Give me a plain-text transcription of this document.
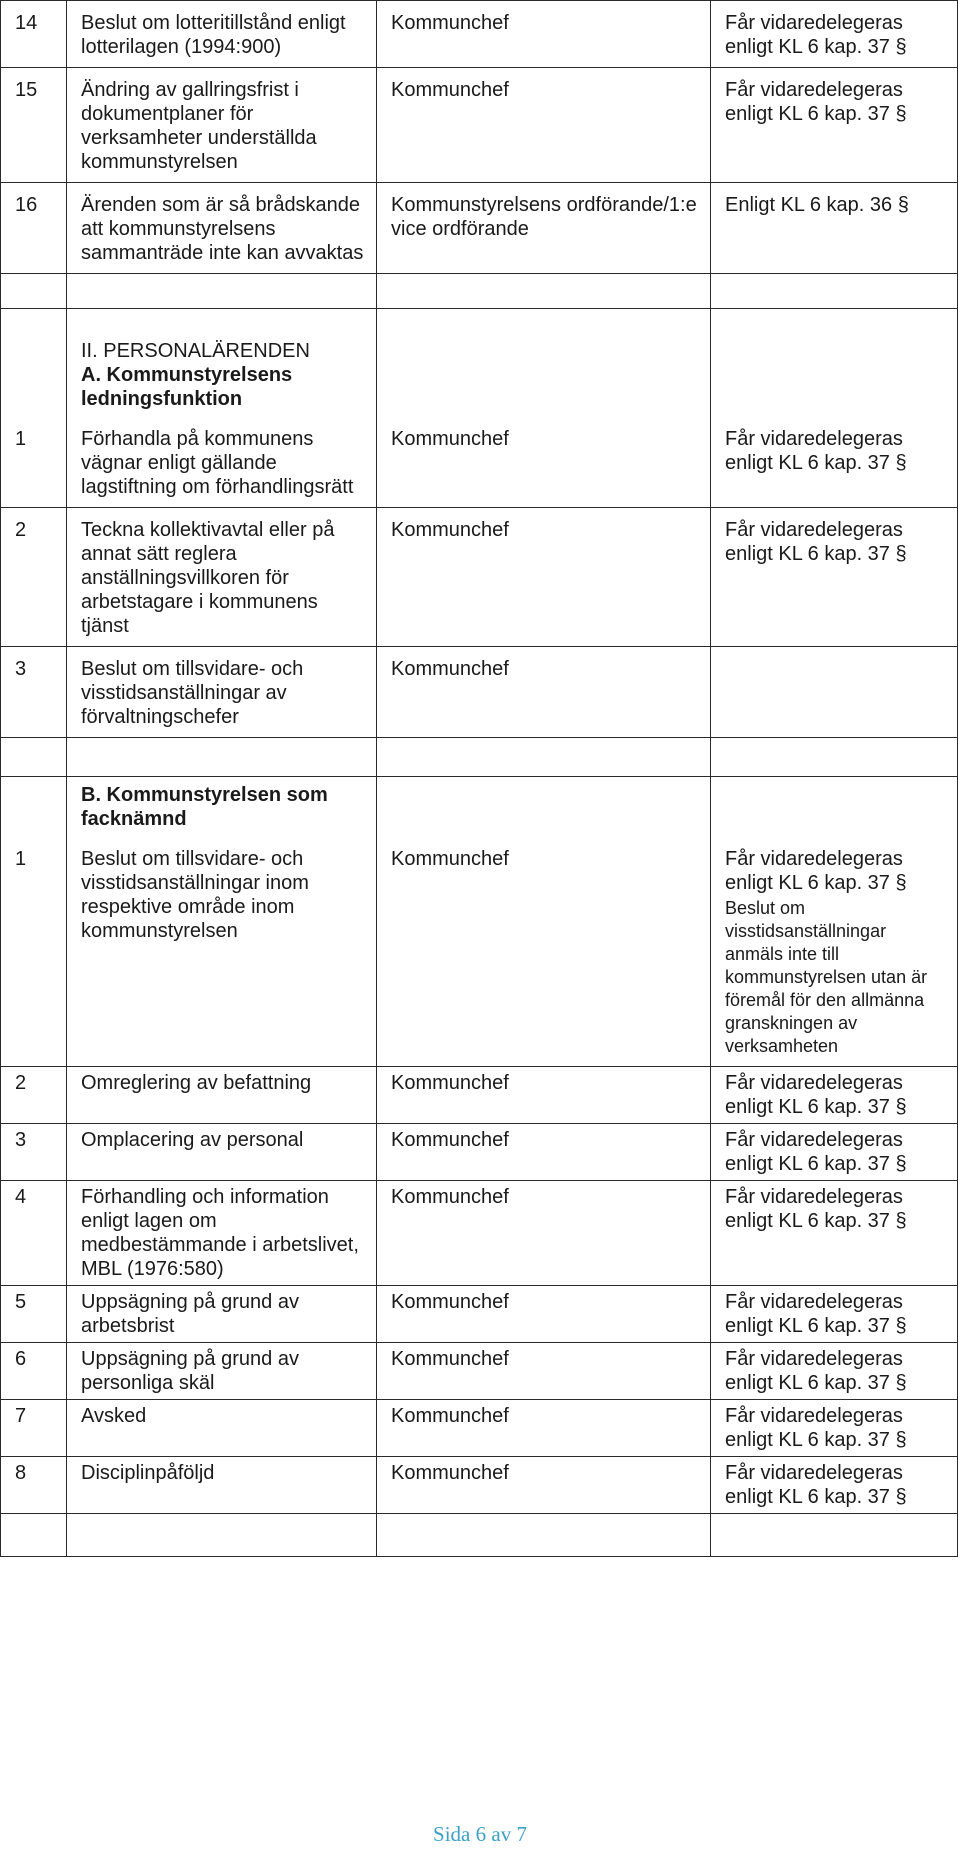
14	Beslut om lotteritillstånd enligt lotterilagen (1994:900)	Kommunchef	Får vidaredelegeras enligt KL 6 kap. 37 §
15	Ändring av gallringsfrist i dokumentplaner för verksamheter underställda kommunstyrelsen	Kommunchef	Får vidaredelegeras enligt KL 6 kap. 37 §
16	Ärenden som är så brådskande att kommunstyrelsens sammanträde inte kan avvaktas	Kommunstyrelsens ordförande/1:e vice ordförande	Enligt KL 6 kap. 36 §

	II. PERSONALÄRENDEN
A. Kommunstyrelsens ledningsfunktion		

1	Förhandla på kommunens vägnar enligt gällande lagstiftning om förhandlingsrätt	Kommunchef	Får vidaredelegeras enligt KL 6 kap. 37 §
2	Teckna kollektivavtal eller på annat sätt reglera anställningsvillkoren för arbetstagare i kommunens tjänst	Kommunchef	Får vidaredelegeras enligt KL 6 kap. 37 §
3	Beslut om tillsvidare- och visstidsanställningar av förvaltningschefer	Kommunchef	

	B. Kommunstyrelsen som facknämnd		

1	Beslut om tillsvidare- och visstidsanställningar inom respektive område inom kommunstyrelsen	Kommunchef	Får vidaredelegeras enligt KL 6 kap. 37 §
Beslut om visstidsanställningar anmäls inte till kommunstyrelsen utan är föremål för den allmänna granskningen av verksamheten

2	Omreglering av befattning	Kommunchef	Får vidaredelegeras enligt KL 6 kap. 37 §
3	Omplacering av personal	Kommunchef	Får vidaredelegeras enligt KL 6 kap. 37 §
4	Förhandling och information enligt lagen om medbestämmande i arbetslivet, MBL (1976:580)	Kommunchef	Får vidaredelegeras enligt KL 6 kap. 37 §
5	Uppsägning på grund av arbetsbrist	Kommunchef	Får vidaredelegeras enligt KL 6 kap. 37 §
6	Uppsägning på grund av personliga skäl	Kommunchef	Får vidaredelegeras enligt KL 6 kap. 37 §
7	Avsked	Kommunchef	Får vidaredelegeras enligt KL 6 kap. 37 §
8	Disciplinpåföljd	Kommunchef	Får vidaredelegeras enligt KL 6 kap. 37 §

Sida 6 av 7
